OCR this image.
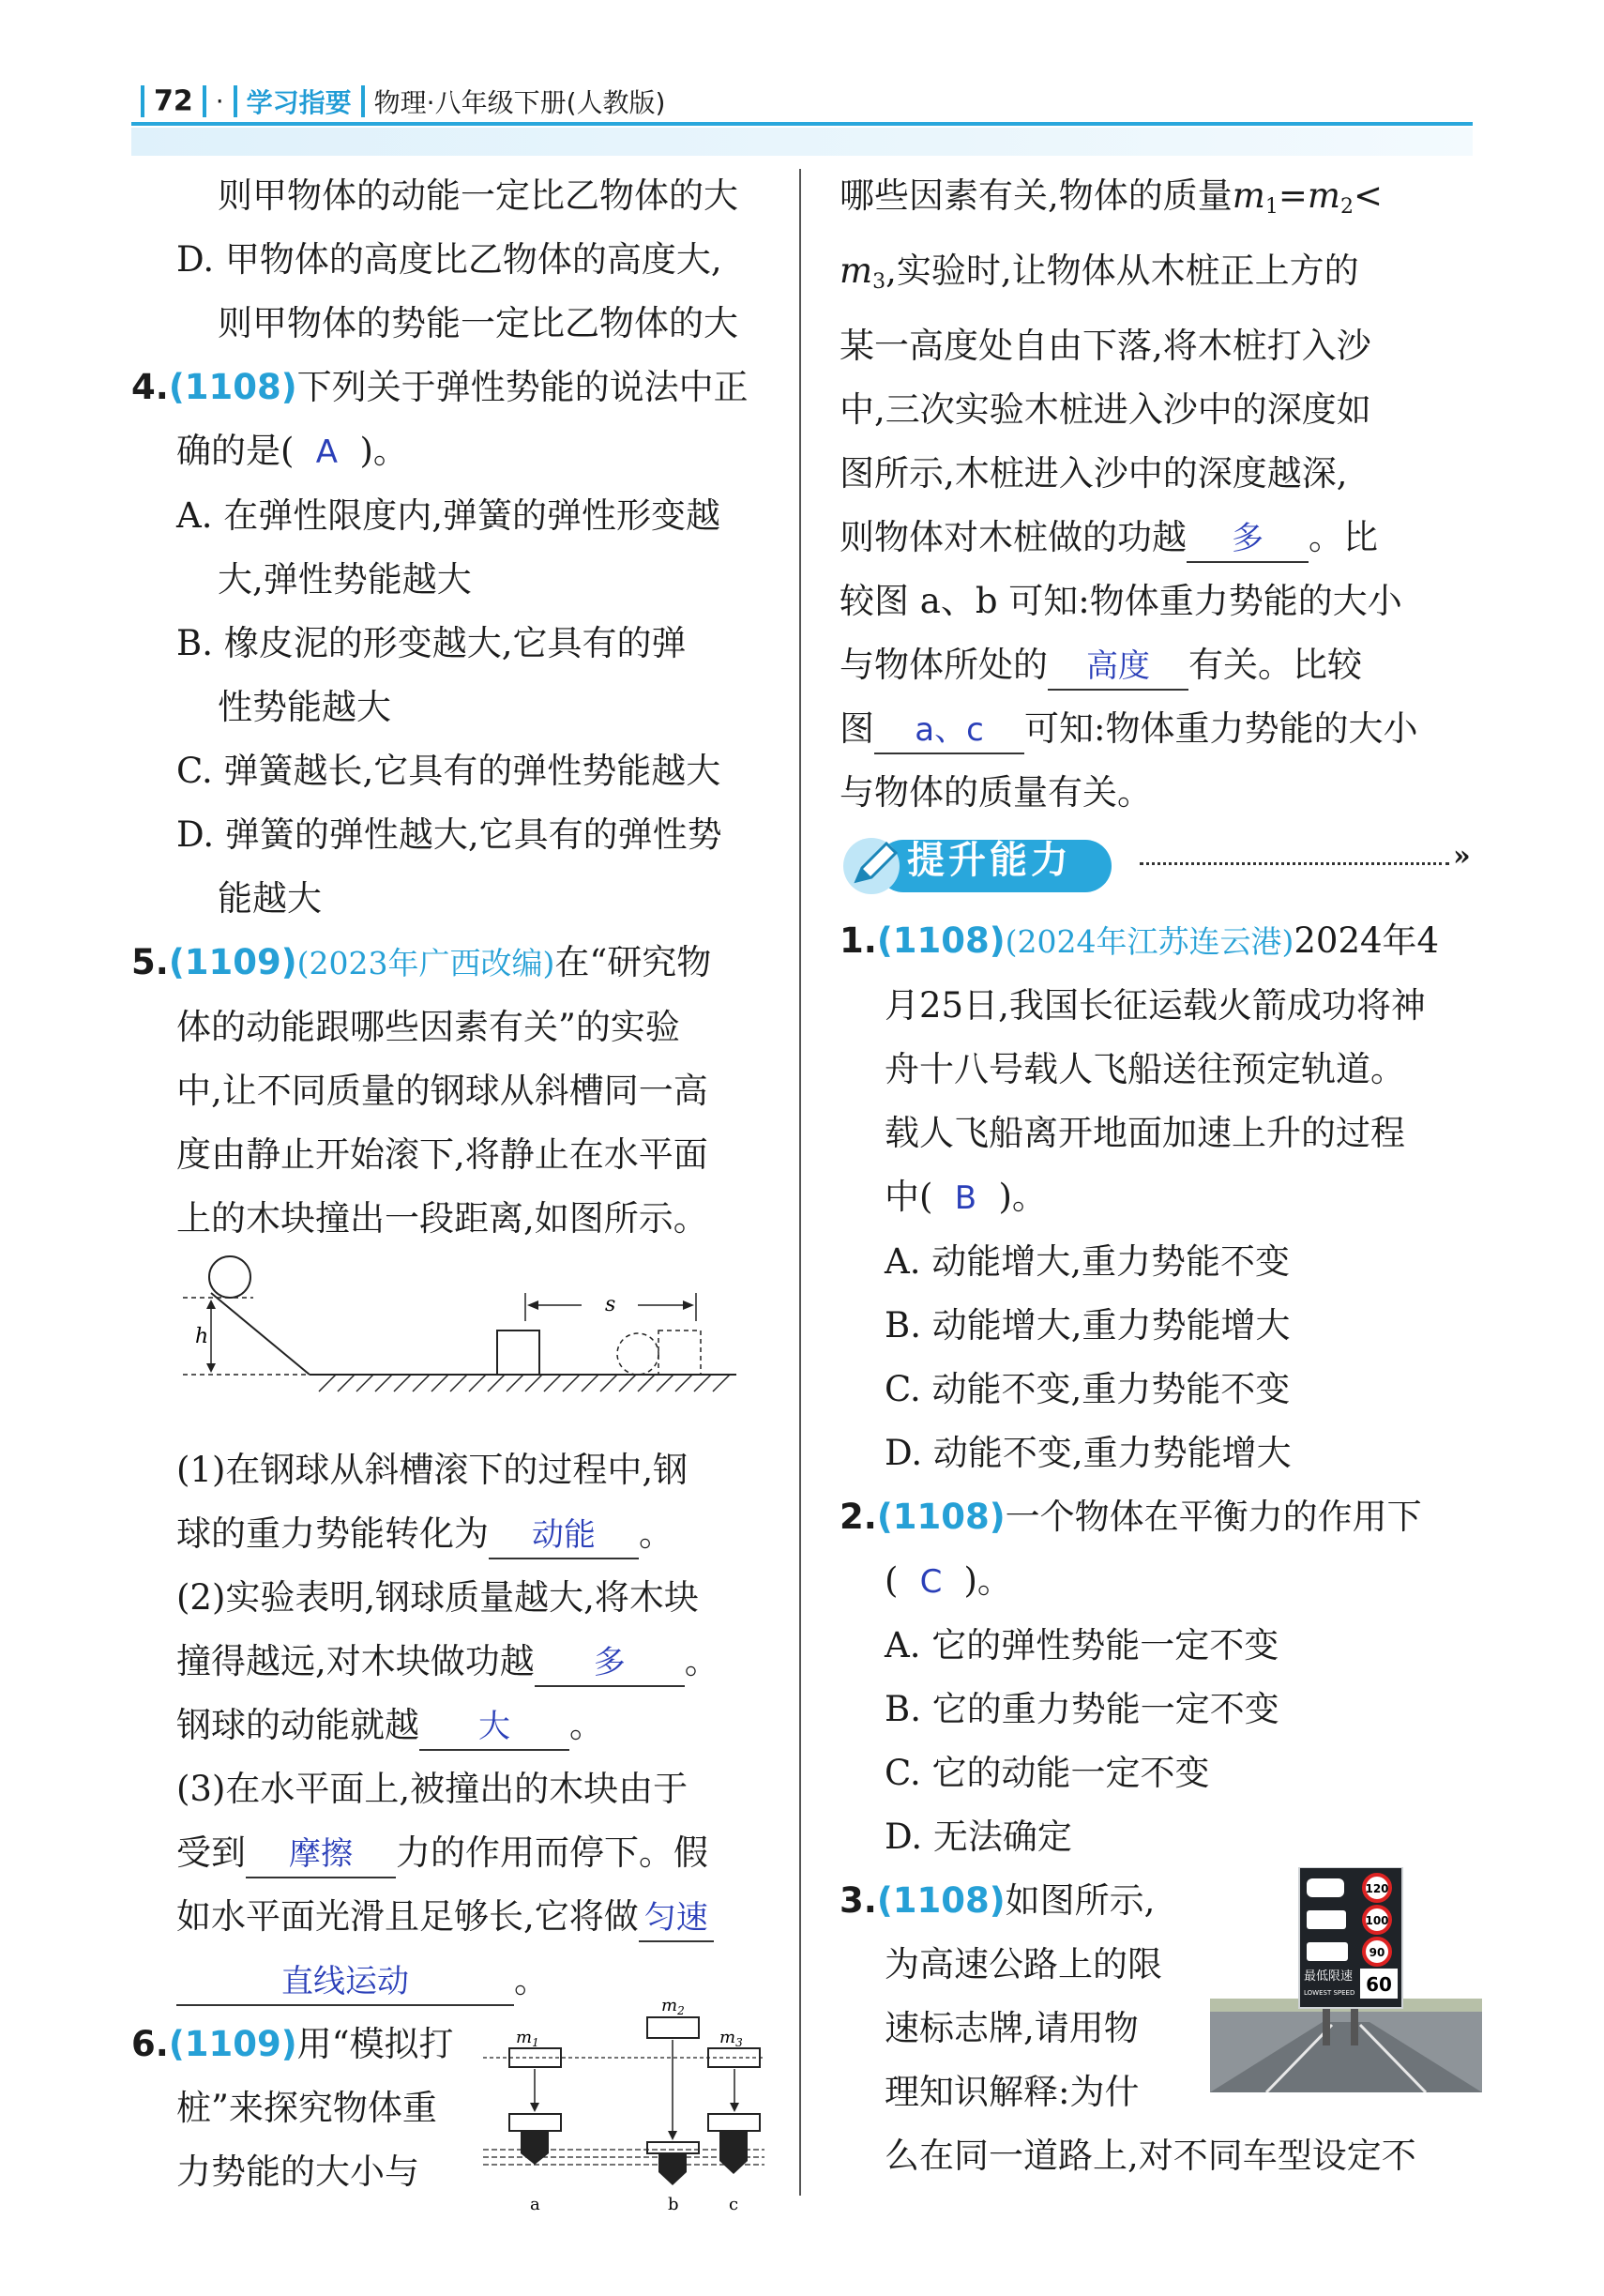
72 · 学习指要 物理·八年级下册(人教版)
则甲物体的动能一定比乙物体的大
D. 甲物体的高度比乙物体的高度大,
则甲物体的势能一定比乙物体的大
4.(1108)下列关于弹性势能的说法中正
确的是( A )。
A. 在弹性限度内,弹簧的弹性形变越
大,弹性势能越大
B. 橡皮泥的形变越大,它具有的弹
性势能越大
C. 弹簧越长,它具有的弹性势能越大
D. 弹簧的弹性越大,它具有的弹性势
能越大
5.(1109)(2023年广西改编)在“研究物
体的动能跟哪些因素有关”的实验
中,让不同质量的钢球从斜槽同一高
度由静止开始滚下,将静止在水平面
上的木块撞出一段距离,如图所示。
h
s
(1)在钢球从斜槽滚下的过程中,钢
球的重力势能转化为 动能 。
(2)实验表明,钢球质量越大,将木块
撞得越远,对木块做功越 多 。
钢球的动能就越 大 。
(3)在水平面上,被撞出的木块由于
受到 摩擦 力的作用而停下。假
如水平面光滑且足够长,它将做 匀速
直线运动	。
6.(1109)用“模拟打
桩”来探究物体重
力势能的大小与
$m_2$
$m_1$	$m_3$
a	b	c
哪些因素有关,物体的质量$m_1=m_2<$
$m_3$,实验时,让物体从木桩正上方的
某一高度处自由下落,将木桩打入沙
中,三次实验木桩进入沙中的深度如
图所示,木桩进入沙中的深度越深,
则物体对木桩做的功越 多 。比
较图 a、b 可知:物体重力势能的大小
与物体所处的 高度 有关。比较
图 a、c 可知:物体重力势能的大小
与物体的质量有关。
提升能力	»
1.(1108)(2024年江苏连云港)2024年4
月25日,我国长征运载火箭成功将神
舟十八号载人飞船送往预定轨道。
载人飞船离开地面加速上升的过程
中( B )。
A. 动能增大,重力势能不变
B. 动能增大,重力势能增大
C. 动能不变,重力势能不变
D. 动能不变,重力势能增大
2.(1108)一个物体在平衡力的作用下
( C )。
A. 它的弹性势能一定不变
B. 它的重力势能一定不变
C. 它的动能一定不变
D. 无法确定
3.(1108)如图所示,
为高速公路上的限
速标志牌,请用物
理知识解释:为什
么在同一道路上,对不同车型设定不
120
100
90
最低限速
LOWEST SPEED 60
